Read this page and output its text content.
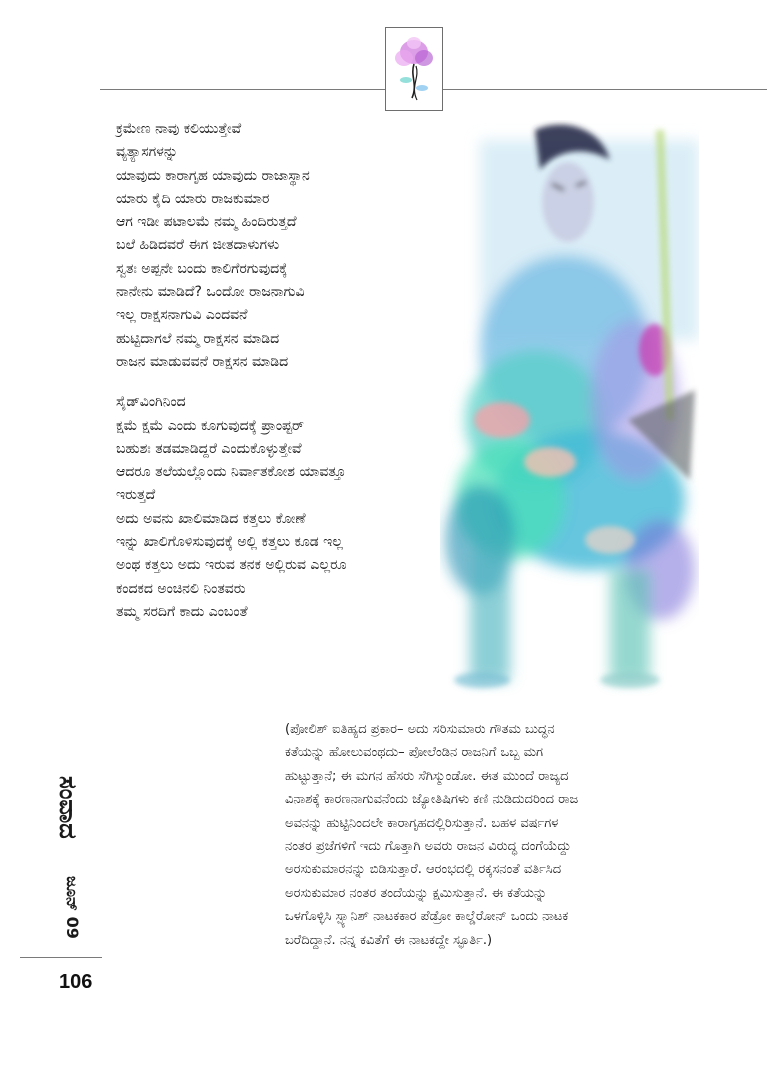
ಕ್ರಮೇಣ ನಾವು ಕಲಿಯುತ್ತೇವೆ
ವ್ಯತ್ಯಾಸಗಳನ್ನು
ಯಾವುದು ಕಾರಾಗೃಹ ಯಾವುದು ರಾಜಾಸ್ಥಾನ
ಯಾರು ಕೈದಿ ಯಾರು ರಾಜಕುಮಾರ
ಆಗ ಇಡೀ ಪಟಾಲಮೆ ನಮ್ಮ ಹಿಂದಿರುತ್ತದೆ
ಬಲೆ ಹಿಡಿದವರೆ ಈಗ ಜೀತದಾಳುಗಳು
ಸ್ವತಃ ಅಪ್ಪನೇ ಬಂದು ಕಾಲಿಗೆರಗುವುದಕ್ಕೆ
ನಾನೇನು ಮಾಡಿದೆ? ಒಂದೋ ರಾಜನಾಗುವಿ
ಇಲ್ಲ ರಾಕ್ಷಸನಾಗುವಿ ಎಂದವನೆ
ಹುಟ್ಟಿದಾಗಲೆ ನಮ್ಮ ರಾಕ್ಷಸನ ಮಾಡಿದ
ರಾಜನ ಮಾಡುವವನೆ ರಾಕ್ಷಸನ ಮಾಡಿದ
ಸೈಡ್‌ವಿಂಗಿನಿಂದ
ಕ್ಷಮೆ ಕ್ಷಮೆ ಎಂದು ಕೂಗುವುದಕ್ಕೆ ಪ್ರಾಂಪ್ಟರ್
ಬಹುಶಃ ತಡಮಾಡಿದ್ದರೆ ಎಂದುಕೊಳ್ಳುತ್ತೇವೆ
ಆದರೂ ತಲೆಯಲ್ಲೊಂದು ನಿರ್ವಾತಕೋಶ ಯಾವತ್ತೂ
ಇರುತ್ತದೆ
ಅದು ಅವನು ಖಾಲಿಮಾಡಿದ ಕತ್ತಲು ಕೋಣೆ
ಇನ್ನು ಖಾಲಿಗೊಳಿಸುವುದಕ್ಕೆ ಅಲ್ಲಿ ಕತ್ತಲು ಕೂಡ ಇಲ್ಲ
ಅಂಥ ಕತ್ತಲು ಅದು ಇರುವ ತನಕ ಅಲ್ಲಿರುವ ಎಲ್ಲರೂ
ಕಂದಕದ ಅಂಚಿನಲಿ ನಿಂತವರು
ತಮ್ಮ ಸರದಿಗೆ ಕಾದು ಎಂಬಂತೆ
(ಪೋಲಿಶ್ ಐತಿಹ್ಯದ ಪ್ರಕಾರ– ಅದು ಸರಿಸುಮಾರು ಗೌತಮ ಬುದ್ಧನ
ಕತೆಯನ್ನು ಹೋಲುವಂಥದು– ಪೋಲೆಂಡಿನ ರಾಜನಿಗೆ ಒಬ್ಬ ಮಗ
ಹುಟ್ಟುತ್ತಾನೆ; ಈ ಮಗನ ಹೆಸರು ಸೆಗಿಸ್ಮುಂಡೋ. ಈತ ಮುಂದೆ ರಾಜ್ಯದ
ವಿನಾಶಕ್ಕೆ ಕಾರಣನಾಗುವನೆಂದು ಜ್ಯೋತಿಷಿಗಳು ಕಣಿ ನುಡಿದುದರಿಂದ ರಾಜ
ಅವನನ್ನು ಹುಟ್ಟಿನಿಂದಲೇ ಕಾರಾಗೃಹದಲ್ಲಿರಿಸುತ್ತಾನೆ. ಬಹಳ ವರ್ಷಗಳ
ನಂತರ ಪ್ರಜೆಗಳಿಗೆ ಇದು ಗೊತ್ತಾಗಿ ಅವರು ರಾಜನ ವಿರುದ್ಧ ದಂಗೆಯೆದ್ದು
ಅರಸುಕುಮಾರನನ್ನು ಬಿಡಿಸುತ್ತಾರೆ. ಆರಂಭದಲ್ಲಿ ರಕ್ಕಸನಂತೆ ವರ್ತಿಸಿದ
ಅರಸುಕುಮಾರ ನಂತರ ತಂದೆಯನ್ನು ಕ್ಷಮಿಸುತ್ತಾನೆ. ಈ ಕತೆಯನ್ನು
ಒಳಗೊಳ್ಳಿಸಿ ಸ್ಪ್ಯಾನಿಶ್ ನಾಟಕಕಾರ ಪೆಡ್ರೋ ಕಾಲ್ಡೆರೋನ್ ಒಂದು ನಾಟಕ
ಬರೆದಿದ್ದಾನೆ. ನನ್ನ ಕವಿತೆಗೆ ಈ ನಾಟಕದ್ದೇ ಸ್ಫೂರ್ತಿ.)
ಸಂವಾದ
ಜೂನ್ 09
106
